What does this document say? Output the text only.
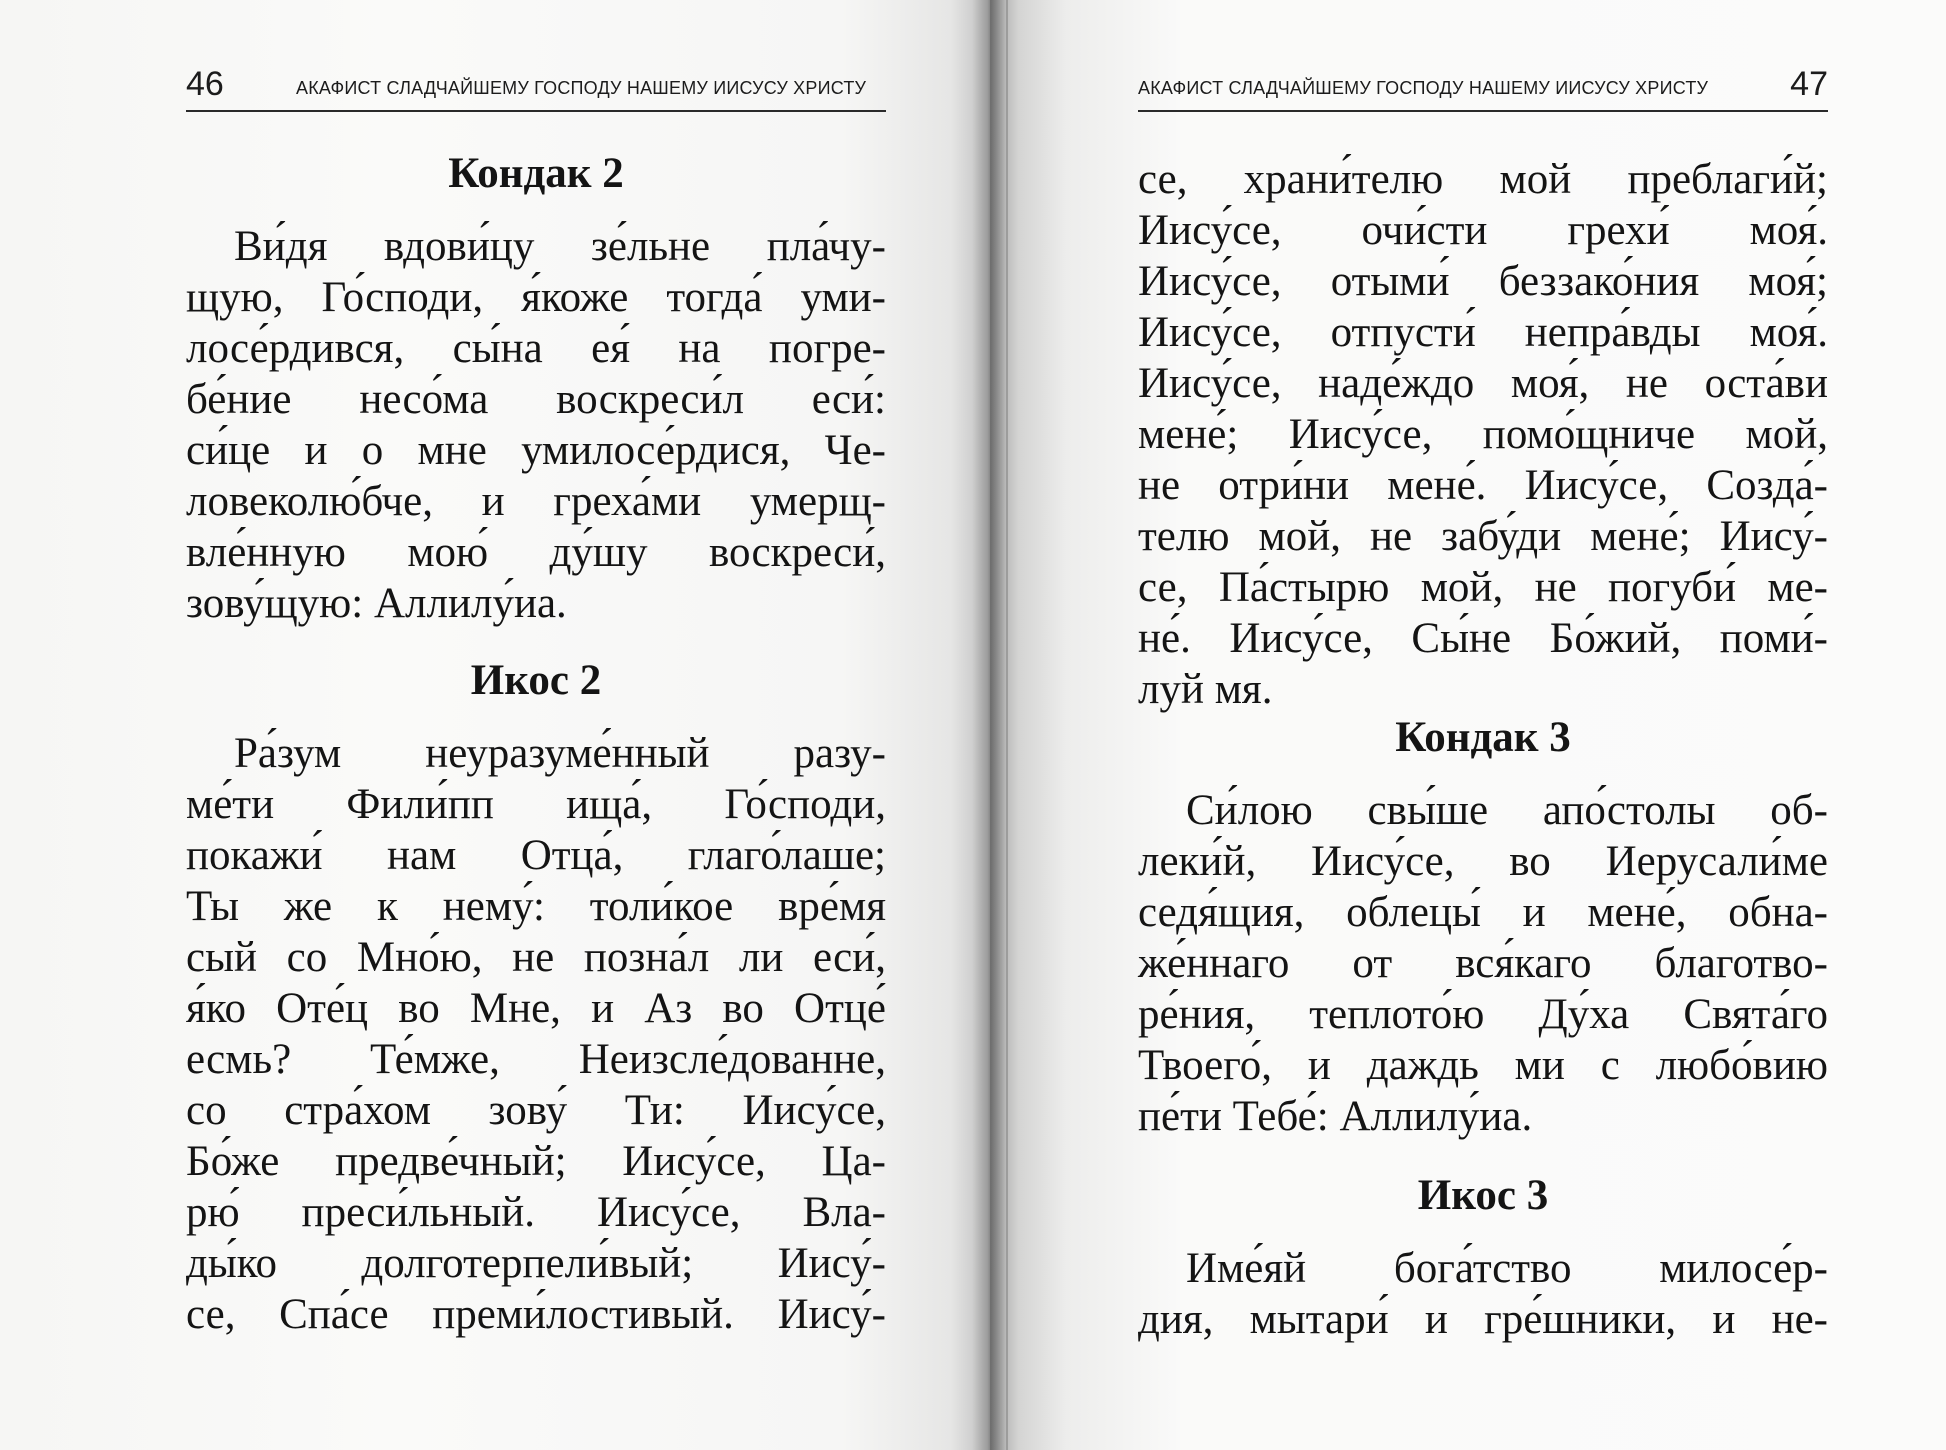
46	АКАФИСТ СЛАДЧАЙШЕМУ ГОСПОДУ НАШЕМУ ИИСУСУ ХРИСТУ
Кондак 2
Ви́дя вдови́цу зе́льне пла́чу-
щую, Го́споди, я́коже тогда́ уми-
лосе́рдився, сы́на ея́ на погре-
бе́ние несо́ма воскреси́л еси́:
си́це и о мне умилосе́рдися, Че-
ловеколю́бче, и греха́ми умерщ-
вле́нную мою́ ду́шу воскреси́,
зову́щую: Аллилу́иа.
Икос 2
Ра́зум неуразуме́нный разу-
ме́ти Фили́пп ища́, Го́споди,
покажи́ нам Отца́, глаго́лаше;
Ты же к нему́: толи́кое вре́мя
сый со Мно́ю, не позна́л ли еси́,
я́ко Оте́ц во Мне, и Аз во Отце́
есмь? Те́мже, Неизсле́дованне,
со стра́хом зову́ Ти: Иису́се,
Бо́же предве́чный; Иису́се, Ца-
рю́ преси́льный. Иису́се, Вла-
ды́ко долготерпели́вый; Иису́-
се, Спа́се преми́лостивый. Иису́-
АКАФИСТ СЛАДЧАЙШЕМУ ГОСПОДУ НАШЕМУ ИИСУСУ ХРИСТУ 47
се, храни́телю мой преблаги́й;
Иису́се, очи́сти грехи́ моя́.
Иису́се, отыми́ беззако́ния моя́;
Иису́се, отпусти́ непра́вды моя́.
Иису́се, наде́ждо моя́, не оста́ви
мене́; Иису́се, помо́щниче мой,
не отри́ни мене́. Иису́се, Созда́-
телю мой, не забу́ди мене́; Иису́-
се, Па́стырю мой, не погуби́ ме-
не́. Иису́се, Сы́не Бо́жий, поми́-
луй мя.
Кондак 3
Си́лою свы́ше апо́столы об-
леки́й, Иису́се, во Иерусали́ме
седя́щия, облецы́ и мене́, обна-
же́ннаго от вся́каго благотво-
ре́ния, теплото́ю Ду́ха Свята́го
Твоего́, и даждь ми с любо́вию
пе́ти Тебе́: Аллилу́иа.
Икос 3
Име́яй бога́тство милосе́р-
дия, мытари́ и гре́шники, и не-
